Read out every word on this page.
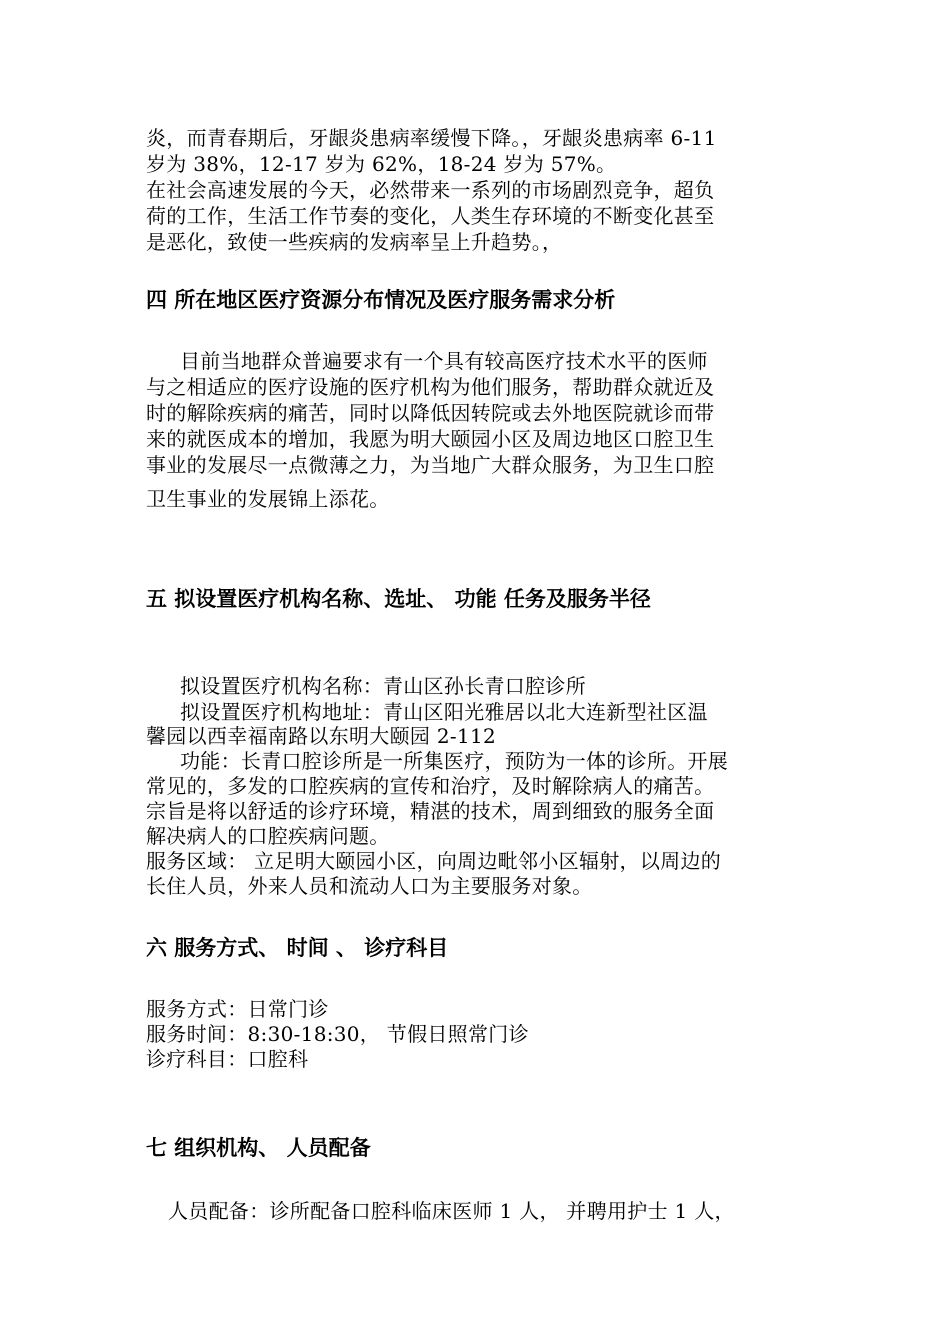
炎，而青春期后，牙龈炎患病率缓慢下降。，牙龈炎患病率 6-11
岁为 38%，12-17 岁为 62%，18-24 岁为 57%。
在社会高速发展的今天，必然带来一系列的市场剧烈竞争，超负
荷的工作，生活工作节奏的变化，人类生存环境的不断变化甚至
是恶化，致使一些疾病的发病率呈上升趋势。，
四 所在地区医疗资源分布情况及医疗服务需求分析
目前当地群众普遍要求有一个具有较高医疗技术水平的医师
与之相适应的医疗设施的医疗机构为他们服务，帮助群众就近及
时的解除疾病的痛苦，同时以降低因转院或去外地医院就诊而带
来的就医成本的增加，我愿为明大颐园小区及周边地区口腔卫生
事业的发展尽一点微薄之力，为当地广大群众服务，为卫生口腔
卫生事业的发展锦上添花。
五 拟设置医疗机构名称、选址、 功能 任务及服务半径
拟设置医疗机构名称：青山区孙长青口腔诊所
拟设置医疗机构地址：青山区阳光雅居以北大连新型社区温
馨园以西幸福南路以东明大颐园 2-112
功能：长青口腔诊所是一所集医疗，预防为一体的诊所。开展
常见的，多发的口腔疾病的宣传和治疗，及时解除病人的痛苦。
宗旨是将以舒适的诊疗环境，精湛的技术，周到细致的服务全面
解决病人的口腔疾病问题。
服务区域： 立足明大颐园小区，向周边毗邻小区辐射，以周边的
长住人员，外来人员和流动人口为主要服务对象。
六 服务方式、 时间 、 诊疗科目
服务方式：日常门诊
服务时间：8:30-18:30， 节假日照常门诊
诊疗科目：口腔科
七 组织机构、 人员配备
人员配备：诊所配备口腔科临床医师 1 人， 并聘用护士 1 人，
